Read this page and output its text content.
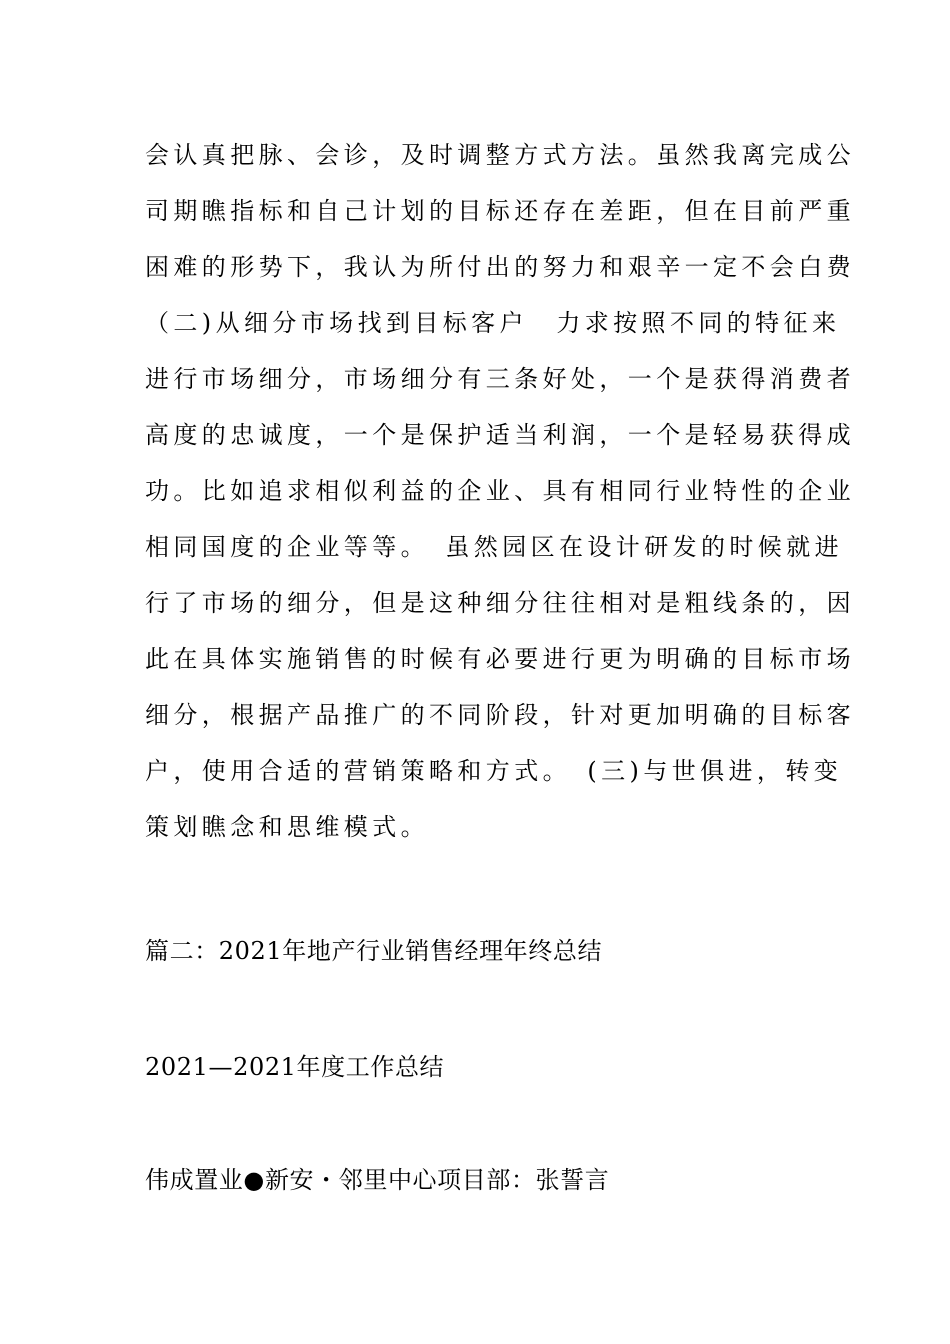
会认真把脉、会诊，及时调整方式方法。虽然我离完成公
司期瞧指标和自己计划的目标还存在差距，但在目前严重
困难的形势下，我认为所付出的努力和艰辛一定不会白费
（二)从细分市场找到目标客户　力求按照不同的特征来
进行市场细分，市场细分有三条好处，一个是获得消费者
高度的忠诚度，一个是保护适当利润，一个是轻易获得成
功。比如追求相似利益的企业、具有相同行业特性的企业
相同国度的企业等等。　虽然园区在设计研发的时候就进
行了市场的细分，但是这种细分往往相对是粗线条的，因
此在具体实施销售的时候有必要进行更为明确的目标市场
细分，根据产品推广的不同阶段，针对更加明确的目标客
户，使用合适的营销策略和方式。　(三)与世俱进，转变
策划瞧念和思维模式。
篇二：2021年地产行业销售经理年终总结
2021—2021年度工作总结
伟成置业●新安・邻里中心项目部：张誓言
